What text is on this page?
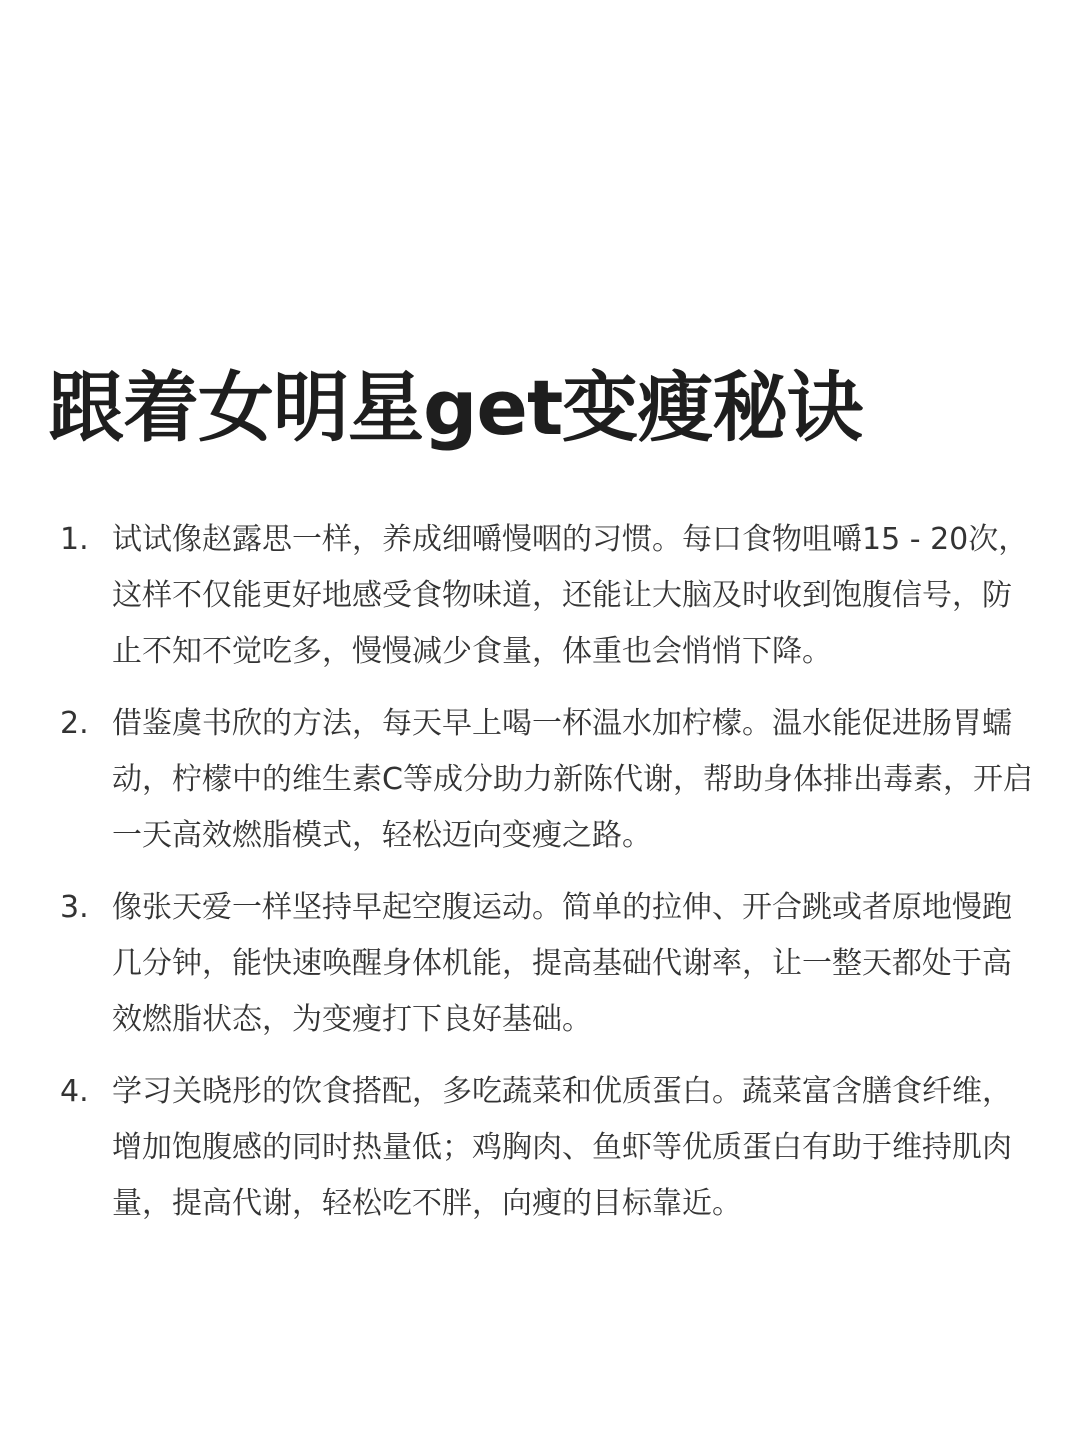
跟着女明星get变瘦秘诀
1. 试试像赵露思一样，养成细嚼慢咽的习惯。每口食物咀嚼15 - 20次，这样不仅能更好地感受食物味道，还能让大脑及时收到饱腹信号，防止不知不觉吃多，慢慢减少食量，体重也会悄悄下降。
2. 借鉴虞书欣的方法，每天早上喝一杯温水加柠檬。温水能促进肠胃蠕动，柠檬中的维生素C等成分助力新陈代谢，帮助身体排出毒素，开启一天高效燃脂模式，轻松迈向变瘦之路。
3. 像张天爱一样坚持早起空腹运动。简单的拉伸、开合跳或者原地慢跑几分钟，能快速唤醒身体机能，提高基础代谢率，让一整天都处于高效燃脂状态，为变瘦打下良好基础。
4. 学习关晓彤的饮食搭配，多吃蔬菜和优质蛋白。蔬菜富含膳食纤维，增加饱腹感的同时热量低；鸡胸肉、鱼虾等优质蛋白有助于维持肌肉量，提高代谢，轻松吃不胖，向瘦的目标靠近。
